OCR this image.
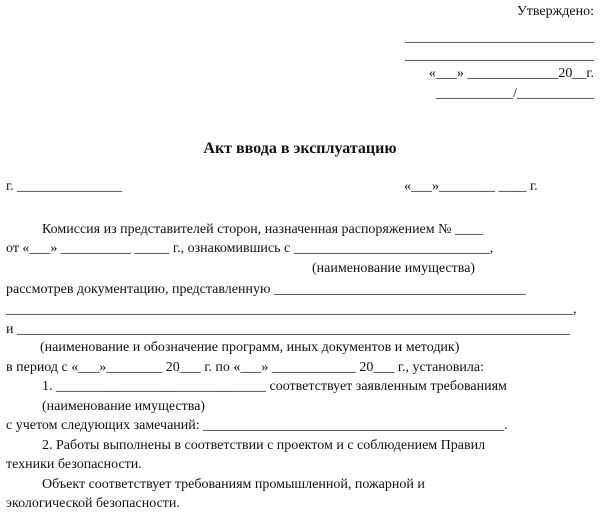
Утверждено:
___________________________
___________________________
«___» _____________20__г.
___________/___________
Акт ввода в эксплуатацию
г. _______________	«___»________ ____ г.
Комиссия из представителей сторон, назначенная распоряжением № ____
от «___» __________ _____ г., ознакомившись с ____________________________,
(наименование имущества)
рассмотрев документацию, представленную ____________________________________
_________________________________________________________________________________,
и _______________________________________________________________________________
(наименование и обозначение программ, иных документов и методик)
в период с «___»________ 20___ г. по «___» ____________ 20___ г., установила:
1. ______________________________ соответствует заявленным требованиям
(наименование имущества)
с учетом следующих замечаний: ___________________________________________.
2. Работы выполнены в соответствии с проектом и с соблюдением Правил
техники безопасности.
Объект соответствует требованиям промышленной, пожарной и
экологической безопасности.
